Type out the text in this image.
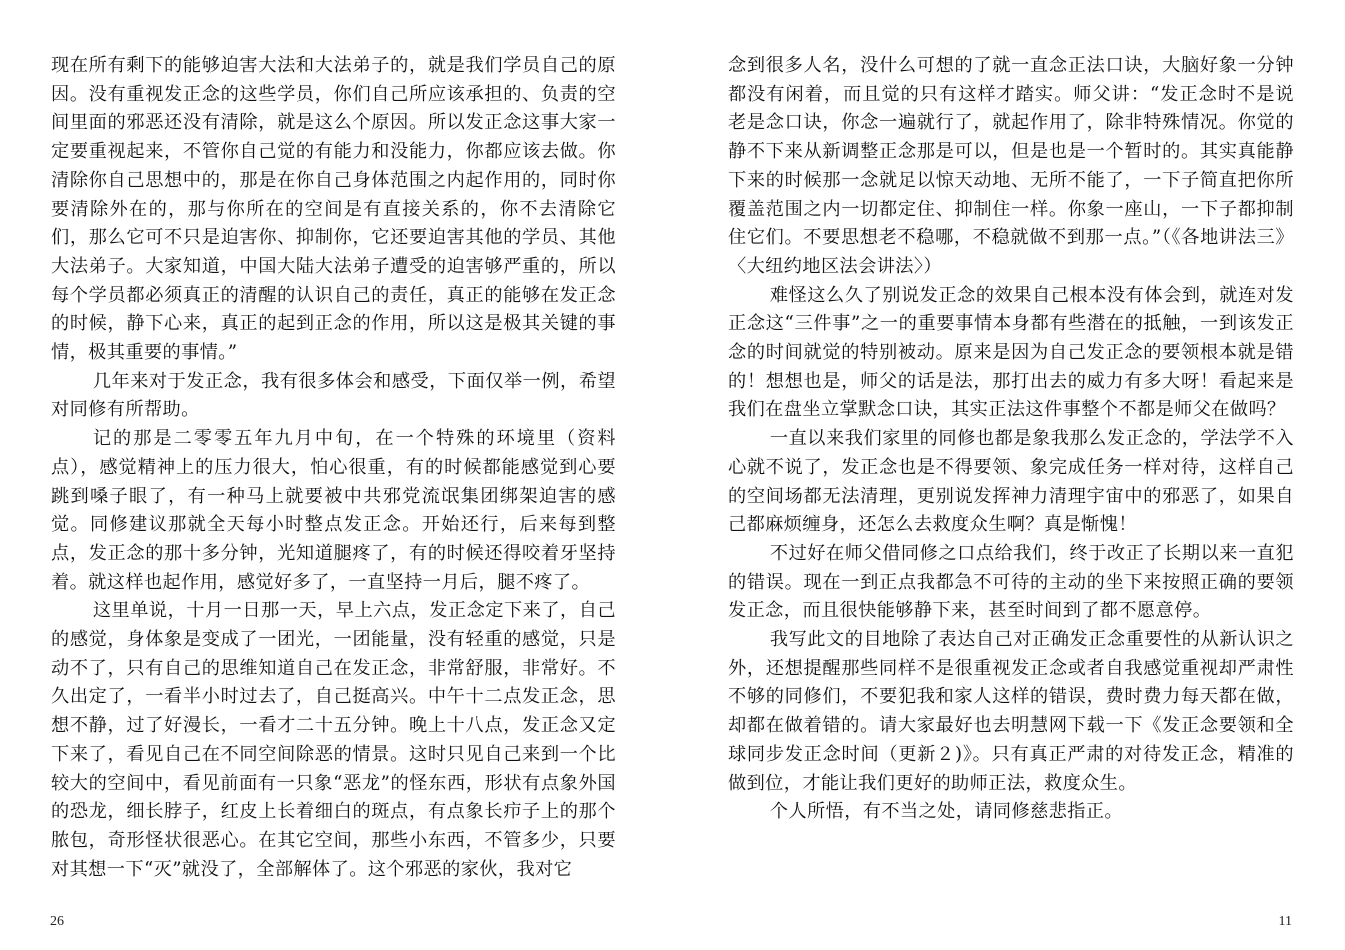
现在所有剩下的能够迫害大法和大法弟子的，就是我们学员自己的原因。没有重视发正念的这些学员，你们自己所应该承担的、负责的空间里面的邪恶还没有清除，就是这么个原因。所以发正念这事大家一定要重视起来，不管你自己觉的有能力和没能力，你都应该去做。你清除你自己思想中的，那是在你自己身体范围之内起作用的，同时你要清除外在的，那与你所在的空间是有直接关系的，你不去清除它们，那么它可不只是迫害你、抑制你，它还要迫害其他的学员、其他大法弟子。大家知道，中国大陆大法弟子遭受的迫害够严重的，所以每个学员都必须真正的清醒的认识自己的责任，真正的能够在发正念的时候，静下心来，真正的起到正念的作用，所以这是极其关键的事情，极其重要的事情。”

几年来对于发正念，我有很多体会和感受，下面仅举一例，希望对同修有所帮助。

记的那是二零零五年九月中旬，在一个特殊的环境里（资料点），感觉精神上的压力很大，怕心很重，有的时候都能感觉到心要跳到嗓子眼了，有一种马上就要被中共邪党流氓集团绑架迫害的感觉。同修建议那就全天每小时整点发正念。开始还行，后来每到整点，发正念的那十多分钟，光知道腿疼了，有的时候还得咬着牙坚持着。就这样也起作用，感觉好多了，一直坚持一月后，腿不疼了。

这里单说，十月一日那一天，早上六点，发正念定下来了，自己的感觉，身体象是变成了一团光，一团能量，没有轻重的感觉，只是动不了，只有自己的思维知道自己在发正念，非常舒服，非常好。不久出定了，一看半小时过去了，自己挺高兴。中午十二点发正念，思想不静，过了好漫长，一看才二十五分钟。晚上十八点，发正念又定下来了，看见自己在不同空间除恶的情景。这时只见自己来到一个比较大的空间中，看见前面有一只象“恶龙”的怪东西，形状有点象外国的恐龙，细长脖子，红皮上长着细白的斑点，有点象长疖子上的那个脓包，奇形怪状很恶心。在其它空间，那些小东西，不管多少，只要对其想一下“灭”就没了，全部解体了。这个邪恶的家伙，我对它

26

念到很多人名，没什么可想的了就一直念正法口诀，大脑好象一分钟都没有闲着，而且觉的只有这样才踏实。师父讲：“发正念时不是说老是念口诀，你念一遍就行了，就起作用了，除非特殊情况。你觉的静不下来从新调整正念那是可以，但是也是一个暂时的。其实真能静下来的时候那一念就足以惊天动地、无所不能了，一下子简直把你所覆盖范围之内一切都定住、抑制住一样。你象一座山，一下子都抑制住它们。不要思想老不稳哪，不稳就做不到那一点。”（《各地讲法三》〈大纽约地区法会讲法〉）

难怪这么久了别说发正念的效果自己根本没有体会到，就连对发正念这“三件事”之一的重要事情本身都有些潜在的抵触，一到该发正念的时间就觉的特别被动。原来是因为自己发正念的要领根本就是错的！想想也是，师父的话是法，那打出去的威力有多大呀！看起来是我们在盘坐立掌默念口诀，其实正法这件事整个不都是师父在做吗？

一直以来我们家里的同修也都是象我那么发正念的，学法学不入心就不说了，发正念也是不得要领、象完成任务一样对待，这样自己的空间场都无法清理，更别说发挥神力清理宇宙中的邪恶了，如果自己都麻烦缠身，还怎么去救度众生啊？真是惭愧！

不过好在师父借同修之口点给我们，终于改正了长期以来一直犯的错误。现在一到正点我都急不可待的主动的坐下来按照正确的要领发正念，而且很快能够静下来，甚至时间到了都不愿意停。

我写此文的目地除了表达自己对正确发正念重要性的从新认识之外，还想提醒那些同样不是很重视发正念或者自我感觉重视却严肃性不够的同修们，不要犯我和家人这样的错误，费时费力每天都在做，却都在做着错的。请大家最好也去明慧网下载一下《发正念要领和全球同步发正念时间（更新２)》。只有真正严肃的对待发正念，精准的做到位，才能让我们更好的助师正法，救度众生。

个人所悟，有不当之处，请同修慈悲指正。

11
